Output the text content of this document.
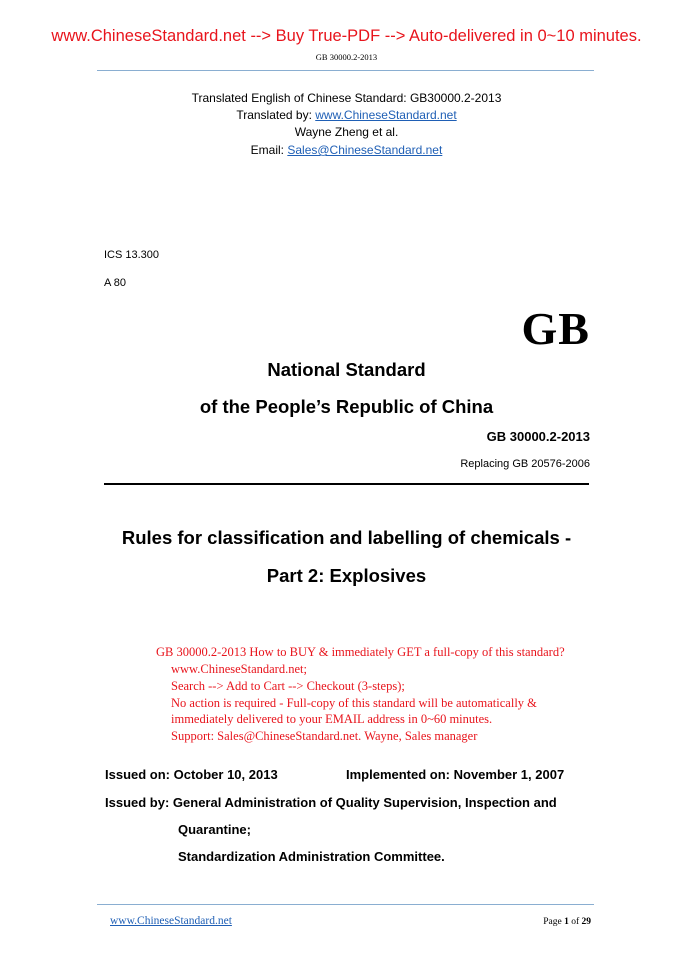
www.ChineseStandard.net --> Buy True-PDF --> Auto-delivered in 0~10 minutes.
GB 30000.2-2013
Translated English of Chinese Standard: GB30000.2-2013
Translated by: www.ChineseStandard.net
Wayne Zheng et al.
Email: Sales@ChineseStandard.net
ICS 13.300
A 80
GB
National Standard
of the People’s Republic of China
GB 30000.2-2013
Replacing GB 20576-2006
Rules for classification and labelling of chemicals -
Part 2: Explosives
GB 30000.2-2013 How to BUY & immediately GET a full-copy of this standard?
www.ChineseStandard.net;
Search --> Add to Cart --> Checkout (3-steps);
No action is required - Full-copy of this standard will be automatically &
immediately delivered to your EMAIL address in 0~60 minutes.
Support: Sales@ChineseStandard.net. Wayne, Sales manager
Issued on: October 10, 2013	Implemented on: November 1, 2007
Issued by: General Administration of Quality Supervision, Inspection and
Quarantine;
Standardization Administration Committee.
www.ChineseStandard.net	Page 1 of 29
